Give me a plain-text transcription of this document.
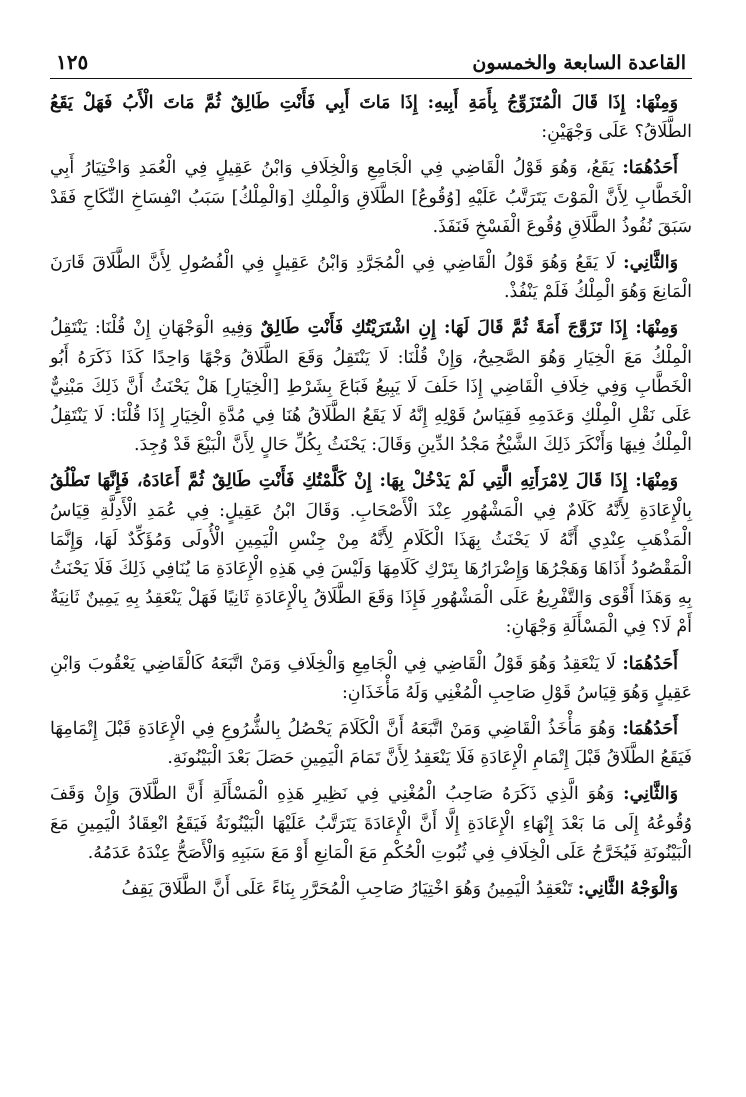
القاعدة السابعة والخمسون
١٢٥

وَمِنْهَا: إِذَا قَالَ الْمُتَزَوِّجُ بِأَمَةِ أَبِيهِ: إِذَا مَاتَ أَبِي فَأَنْتِ طَالِقٌ ثُمَّ مَاتَ الْأَبُ فَهَلْ يَقَعُ الطَّلَاقُ؟ عَلَى وَجْهَيْنِ:

أَحَدُهُمَا: يَقَعُ، وَهُوَ قَوْلُ الْقَاضِي فِي الْجَامِعِ وَالْخِلَافِ وَابْنُ عَقِيلٍ فِي الْعُمَدِ وَاخْتِيَارُ أَبِي الْخَطَّابِ لِأَنَّ الْمَوْتَ يَتَرَتَّبُ عَلَيْهِ [وُقُوعُ] الطَّلَاقِ وَالْمِلْكِ [وَالْمِلْكُ] سَبَبُ انْفِسَاخِ النِّكَاحِ فَقَدْ سَبَقَ نُفُوذُ الطَّلَاقِ وُقُوعَ الْفَسْخِ فَنَفَذَ.

وَالثَّانِي: لَا يَقَعُ وَهُوَ قَوْلُ الْقَاضِي فِي الْمُجَرَّدِ وَابْنُ عَقِيلٍ فِي الْفُصُولِ لِأَنَّ الطَّلَاقَ قَارَنَ الْمَانِعَ وَهُوَ الْمِلْكُ فَلَمْ يَنْفُذْ.

وَمِنْهَا: إِذَا تَزَوَّجَ أَمَةً ثُمَّ قَالَ لَهَا: إِنِ اشْتَرَيْتُكِ فَأَنْتِ طَالِقٌ وَفِيهِ الْوَجْهَانِ إِنْ قُلْنَا: يَنْتَقِلُ الْمِلْكُ مَعَ الْخِيَارِ وَهُوَ الصَّحِيحُ، وَإِنْ قُلْنَا: لَا يَنْتَقِلُ وَقَعَ الطَّلَاقُ وَجْهًا وَاحِدًا كَذَا ذَكَرَهُ أَبُو الْخَطَّابِ وَفِي خِلَافِ الْقَاضِي إِذَا حَلَفَ لَا يَبِيعُ فَبَاعَ بِشَرْطِ [الْخِيَارِ] هَلْ يَحْنَثُ أَنَّ ذَلِكَ مَبْنِيٌّ عَلَى نَقْلِ الْمِلْكِ وَعَدَمِهِ فَقِيَاسُ قَوْلِهِ إِنَّهُ لَا يَقَعُ الطَّلَاقُ هُنَا فِي مُدَّةِ الْخِيَارِ إِذَا قُلْنَا: لَا يَنْتَقِلُ الْمِلْكُ فِيهَا وَأَنْكَرَ ذَلِكَ الشَّيْخُ مَجْدُ الدِّينِ وَقَالَ: يَحْنَثُ بِكُلِّ حَالٍ لِأَنَّ الْبَيْعَ قَدْ وُجِدَ.

وَمِنْهَا: إِذَا قَالَ لِامْرَأَتِهِ الَّتِي لَمْ يَدْخُلْ بِهَا: إِنْ كَلَّمْتُكِ فَأَنْتِ طَالِقٌ ثُمَّ أَعَادَهُ، فَإِنَّهَا تَطْلُقُ بِالْإِعَادَةِ لِأَنَّهُ كَلَامٌ فِي الْمَشْهُورِ عِنْدَ الْأَصْحَابِ. وَقَالَ ابْنُ عَقِيلٍ: فِي عُمَدِ الْأَدِلَّةِ قِيَاسُ الْمَذْهَبِ عِنْدِي أَنَّهُ لَا يَحْنَثُ بِهَذَا الْكَلَامِ لِأَنَّهُ مِنْ جِنْسِ الْيَمِينِ الْأُولَى وَمُؤَكِّدٌ لَهَا، وَإِنَّمَا الْمَقْصُودُ أَذَاهَا وَهَجْرُهَا وَإِضْرَارُهَا بِتَرْكِ كَلَامِهَا وَلَيْسَ فِي هَذِهِ الْإِعَادَةِ مَا يُنَافِي ذَلِكَ فَلَا يَحْنَثُ بِهِ وَهَذَا أَقْوَى وَالتَّفْرِيعُ عَلَى الْمَشْهُورِ فَإِذَا وَقَعَ الطَّلَاقُ بِالْإِعَادَةِ ثَانِيًا فَهَلْ يَنْعَقِدُ بِهِ يَمِينٌ ثَانِيَةٌ أَمْ لَا؟ فِي الْمَسْأَلَةِ وَجْهَانِ:

أَحَدُهُمَا: لَا يَنْعَقِدُ وَهُوَ قَوْلُ الْقَاضِي فِي الْجَامِعِ وَالْخِلَافِ وَمَنْ اتَّبَعَهُ كَالْقَاضِي يَعْقُوبَ وَابْنِ عَقِيلٍ وَهُوَ قِيَاسُ قَوْلِ صَاحِبِ الْمُغْنِي وَلَهُ مَأْخَذَانِ:

أَحَدُهُمَا: وَهُوَ مَأْخَذُ الْقَاضِي وَمَنْ اتَّبَعَهُ أَنَّ الْكَلَامَ يَحْصُلُ بِالشُّرُوعِ فِي الْإِعَادَةِ قَبْلَ إِتْمَامِهَا فَيَقَعُ الطَّلَاقُ قَبْلَ إِتْمَامِ الْإِعَادَةِ فَلَا يَنْعَقِدُ لِأَنَّ تَمَامَ الْيَمِينِ حَصَلَ بَعْدَ الْبَيْنُونَةِ.

وَالثَّانِي: وَهُوَ الَّذِي ذَكَرَهُ صَاحِبُ الْمُغْنِي فِي نَظِيرِ هَذِهِ الْمَسْأَلَةِ أَنَّ الطَّلَاقَ وَإِنْ وَقَفَ وُقُوعُهُ إِلَى مَا بَعْدَ إِنْهَاءِ الْإِعَادَةِ إِلَّا أَنَّ الْإِعَادَةَ يَتَرَتَّبُ عَلَيْهَا الْبَيْنُونَةُ فَيَقَعُ انْعِقَادُ الْيَمِينِ مَعَ الْبَيْنُونَةِ فَيُخَرَّجُ عَلَى الْخِلَافِ فِي ثُبُوتِ الْحُكْمِ مَعَ الْمَانِعِ أَوْ مَعَ سَبَبِهِ وَالْأَصَحُّ عِنْدَهُ عَدَمُهُ.

وَالْوَجْهُ الثَّانِي: تَنْعَقِدُ الْيَمِينُ وَهُوَ اخْتِيَارُ صَاحِبِ الْمُحَرَّرِ بِنَاءً عَلَى أَنَّ الطَّلَاقَ يَقِفُ
